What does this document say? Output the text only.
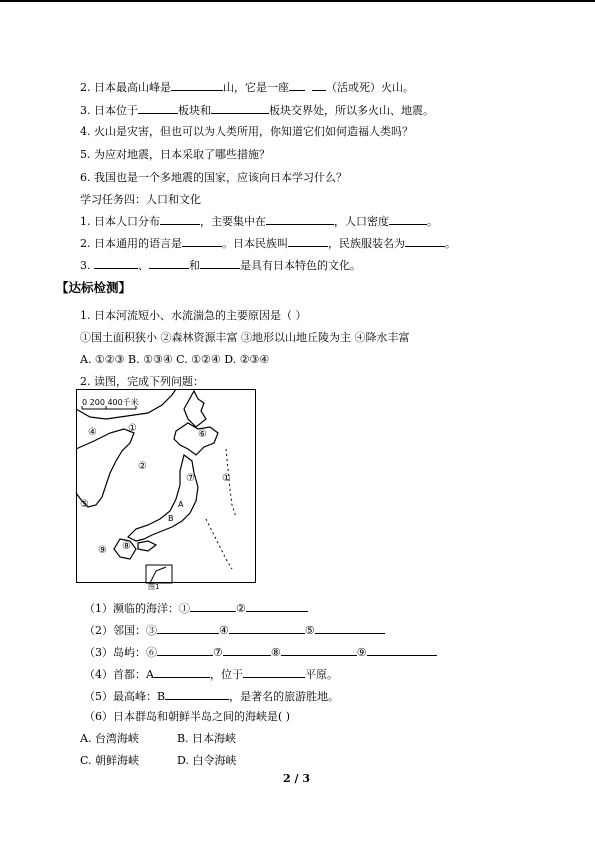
2. 日本最高山峰是	山，它是一座	（活或死）火山。
3. 日本位于	板块和	板块交界处，所以多火山、地震。
4. 火山是灾害，但也可以为人类所用，你知道它们如何造福人类吗？
5. 为应对地震，日本采取了哪些措施？
6. 我国也是一个多地震的国家，应该向日本学习什么？
学习任务四：人口和文化
1. 日本人口分布	，主要集中在	，人口密度	。
2. 日本通用的语言是	。日本民族叫	，民族服装名为	。
3.	、	和	是具有日本特色的文化。
【达标检测】
1. 日本河流短小、水流湍急的主要原因是（ ）
①国土面积狭小 ②森林资源丰富 ③地形以山地丘陵为主 ④降水丰富
A. ①②③ B. ①③④ C. ①②④ D. ②③④
2. 读图，完成下列问题：
0 200 400千米
④	①
⑥
②
⑦	①
⑤	A
B
⑨ ⑧
图1
（1）濒临的海洋：①	②
（2）邻国：③	④	⑤
（3）岛屿：⑥	⑦	⑧	⑨
（4）首都：A	，位于	平原。
（5）最高峰：B	，是著名的旅游胜地。
（6）日本群岛和朝鲜半岛之间的海峡是( )
A. 台湾海峡	B. 日本海峡
C. 朝鲜海峡	D. 白令海峡
2 / 3
